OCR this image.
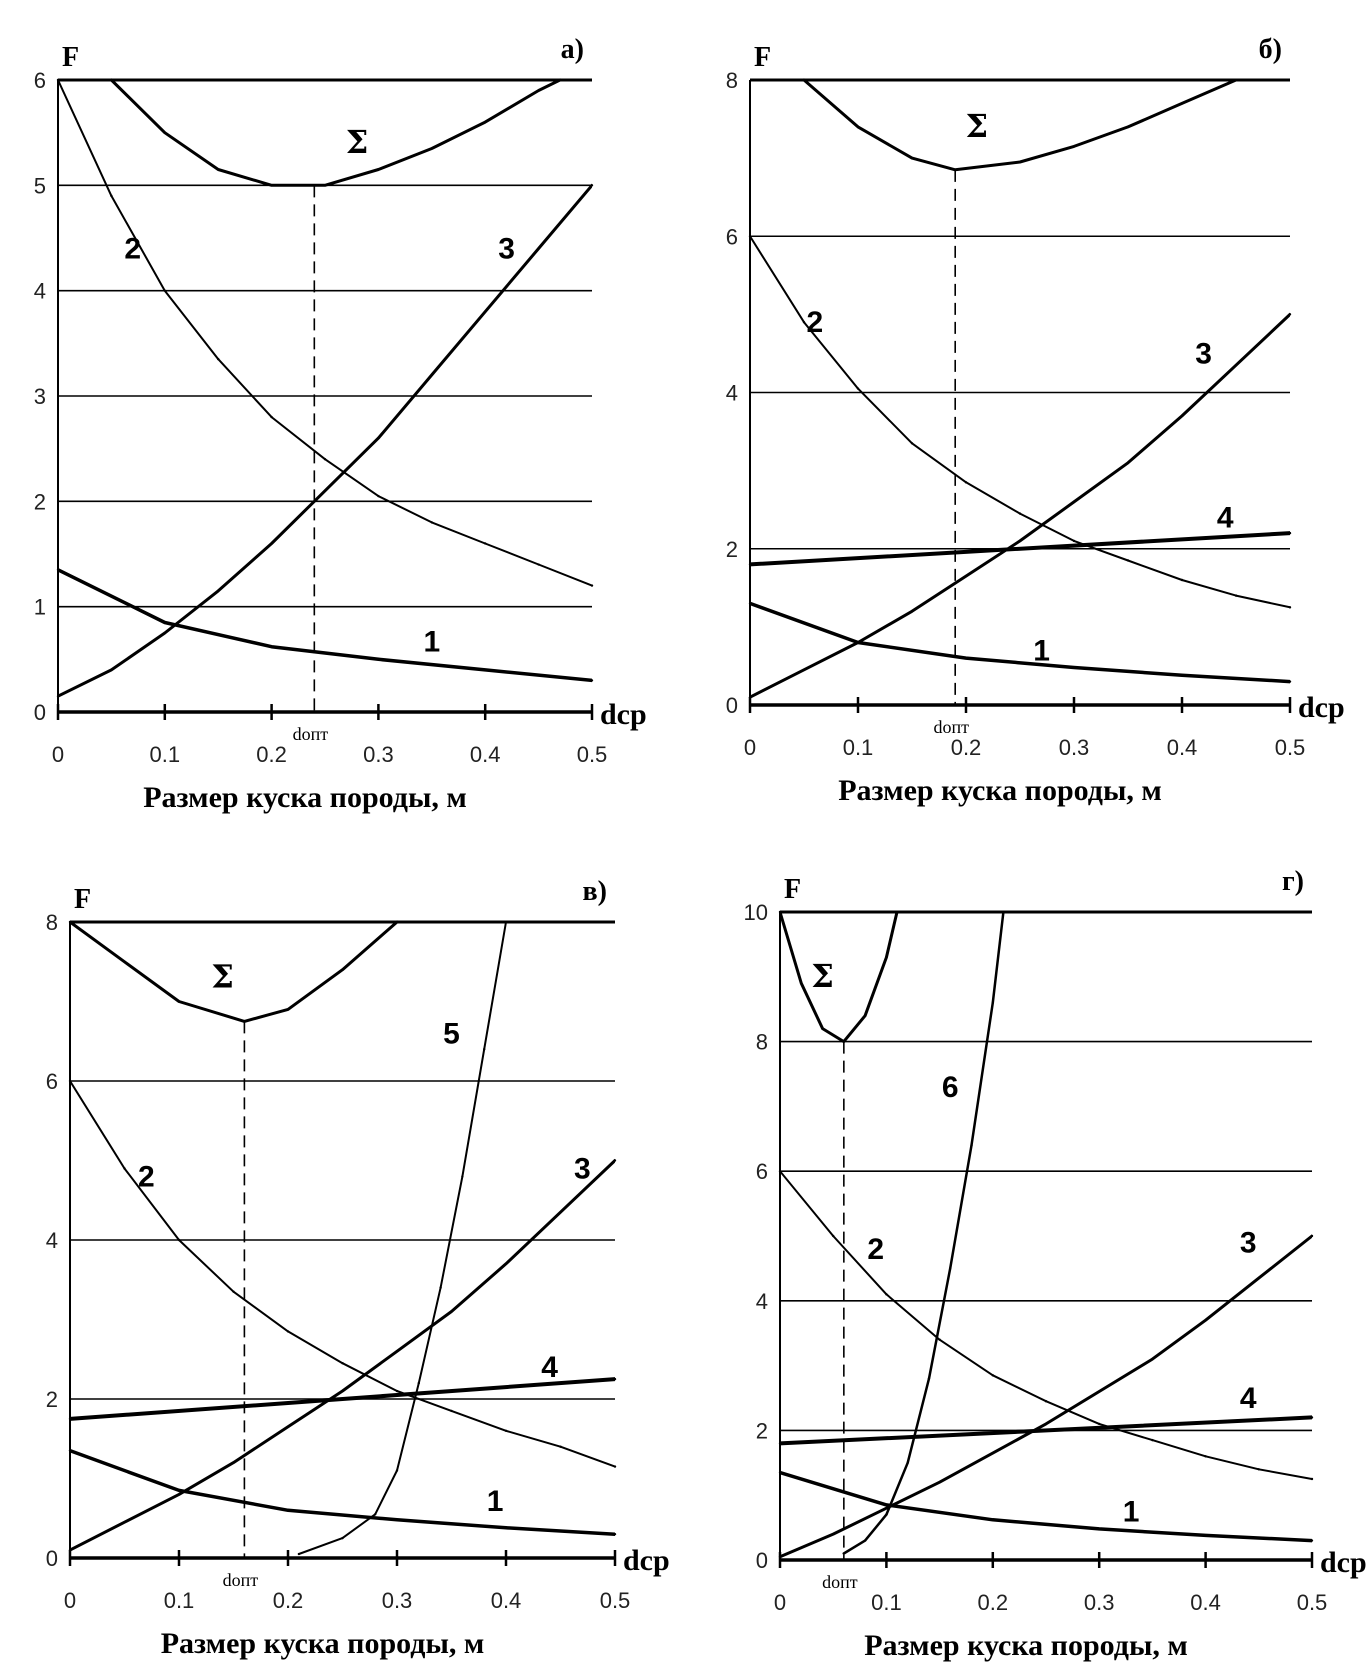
0	0.1	0.2	0.3	0.4	0.5
0
1
2
3
4
5
6
F	а)
dср
Размер куска породы, м
dопт
1
2	3
Σ
0	0.1	0.2	0.3	0.4	0.5
0
2
4
6
8
F	б)
dср
Размер куска породы, м
dопт
1
2
3
4
Σ
0	0.1	0.2	0.3	0.4	0.5
0
2
4
6
8
F	в)
dср
Размер куска породы, м
dопт
1
2	3
4
5
Σ
0	0.1	0.2	0.3	0.4	0.5
0
2
4
6
8
10
F	г)
dср
Размер куска породы, м
dопт
1
2	3
4
6
Σ
